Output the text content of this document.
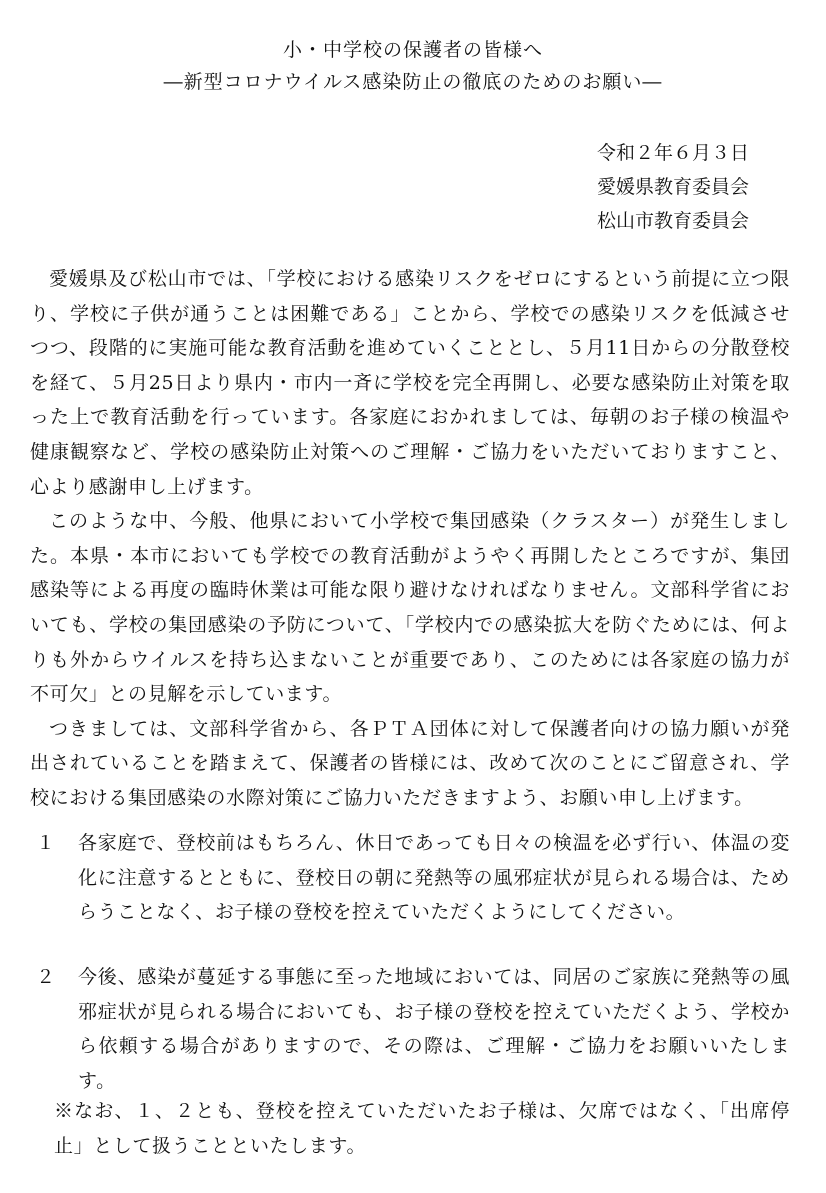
小・中学校の保護者の皆様へ
―新型コロナウイルス感染防止の徹底のためのお願い―
令和２年６月３日
愛媛県教育委員会
松山市教育委員会

愛媛県及び松山市では、「学校における感染リスクをゼロにするという前提に立つ限り、学校に子供が通うことは困難である」ことから、学校での感染リスクを低減させつつ、段階的に実施可能な教育活動を進めていくこととし、５月11日からの分散登校を経て、５月25日より県内・市内一斉に学校を完全再開し、必要な感染防止対策を取った上で教育活動を行っています。各家庭におかれましては、毎朝のお子様の検温や健康観察など、学校の感染防止対策へのご理解・ご協力をいただいておりますこと、心より感謝申し上げます。

このような中、今般、他県において小学校で集団感染（クラスター）が発生しました。本県・本市においても学校での教育活動がようやく再開したところですが、集団感染等による再度の臨時休業は可能な限り避けなければなりません。文部科学省においても、学校の集団感染の予防について、「学校内での感染拡大を防ぐためには、何よりも外からウイルスを持ち込まないことが重要であり、このためには各家庭の協力が不可欠」との見解を示しています。

つきましては、文部科学省から、各ＰＴＡ団体に対して保護者向けの協力願いが発出されていることを踏まえて、保護者の皆様には、改めて次のことにご留意され、学校における集団感染の水際対策にご協力いただきますよう、お願い申し上げます。

１ 各家庭で、登校前はもちろん、休日であっても日々の検温を必ず行い、体温の変化に注意するとともに、登校日の朝に発熱等の風邪症状が見られる場合は、ためらうことなく、お子様の登校を控えていただくようにしてください。
２ 今後、感染が蔓延する事態に至った地域においては、同居のご家族に発熱等の風邪症状が見られる場合においても、お子様の登校を控えていただくよう、学校から依頼する場合がありますので、その際は、ご理解・ご協力をお願いいたします。
※なお、１、２とも、登校を控えていただいたお子様は、欠席ではなく、「出席停止」として扱うことといたします。
